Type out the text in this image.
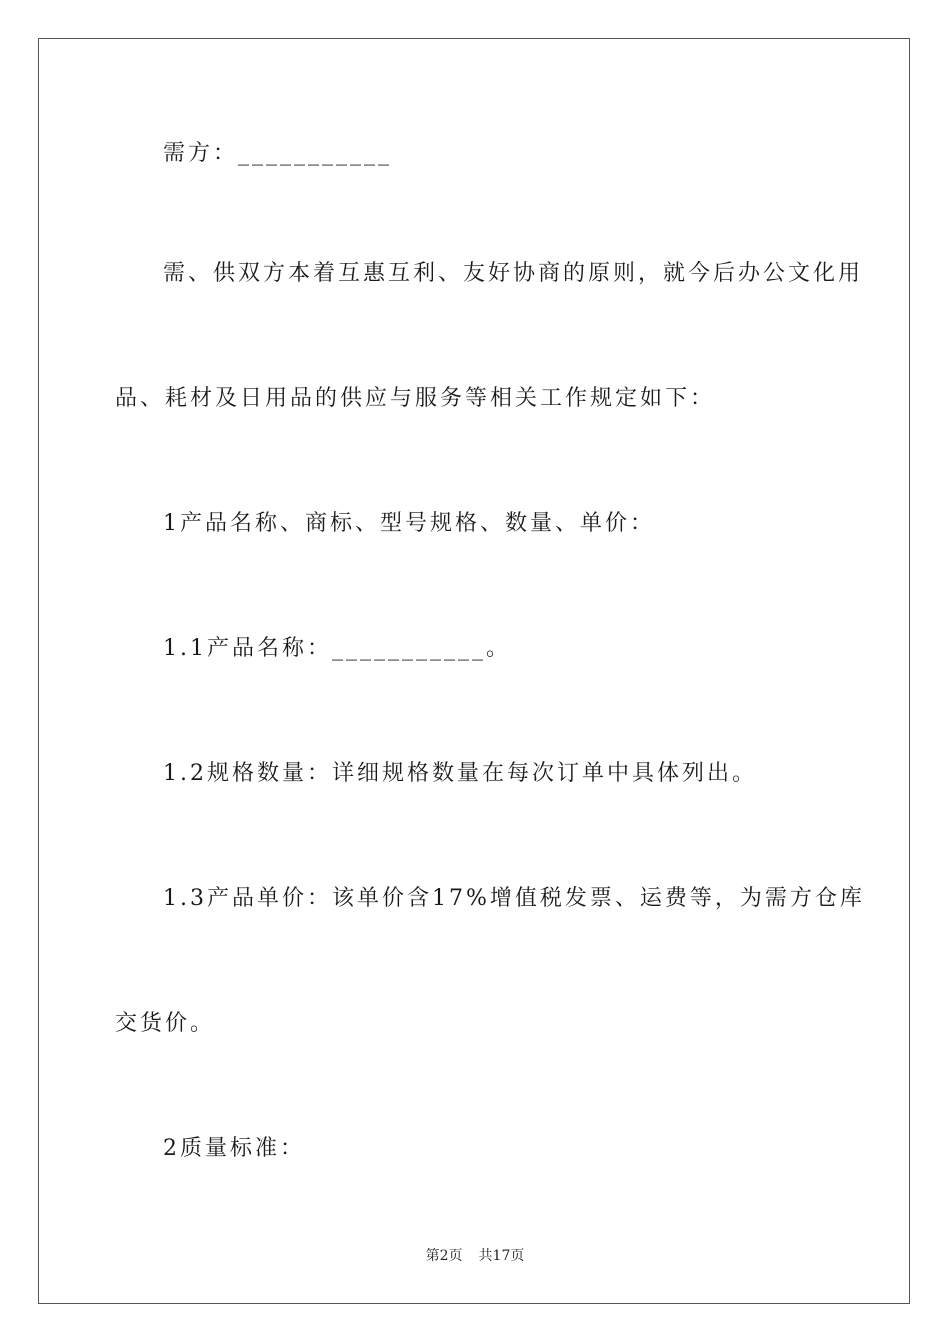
需方：___________
需、供双方本着互惠互利、友好协商的原则，就今后办公文化用
品、耗材及日用品的供应与服务等相关工作规定如下：
1产品名称、商标、型号规格、数量、单价：
1.1产品名称：___________。
1.2规格数量：详细规格数量在每次订单中具体列出。
1.3产品单价：该单价含17%增值税发票、运费等，为需方仓库
交货价。
2质量标准：
第2页 共17页
